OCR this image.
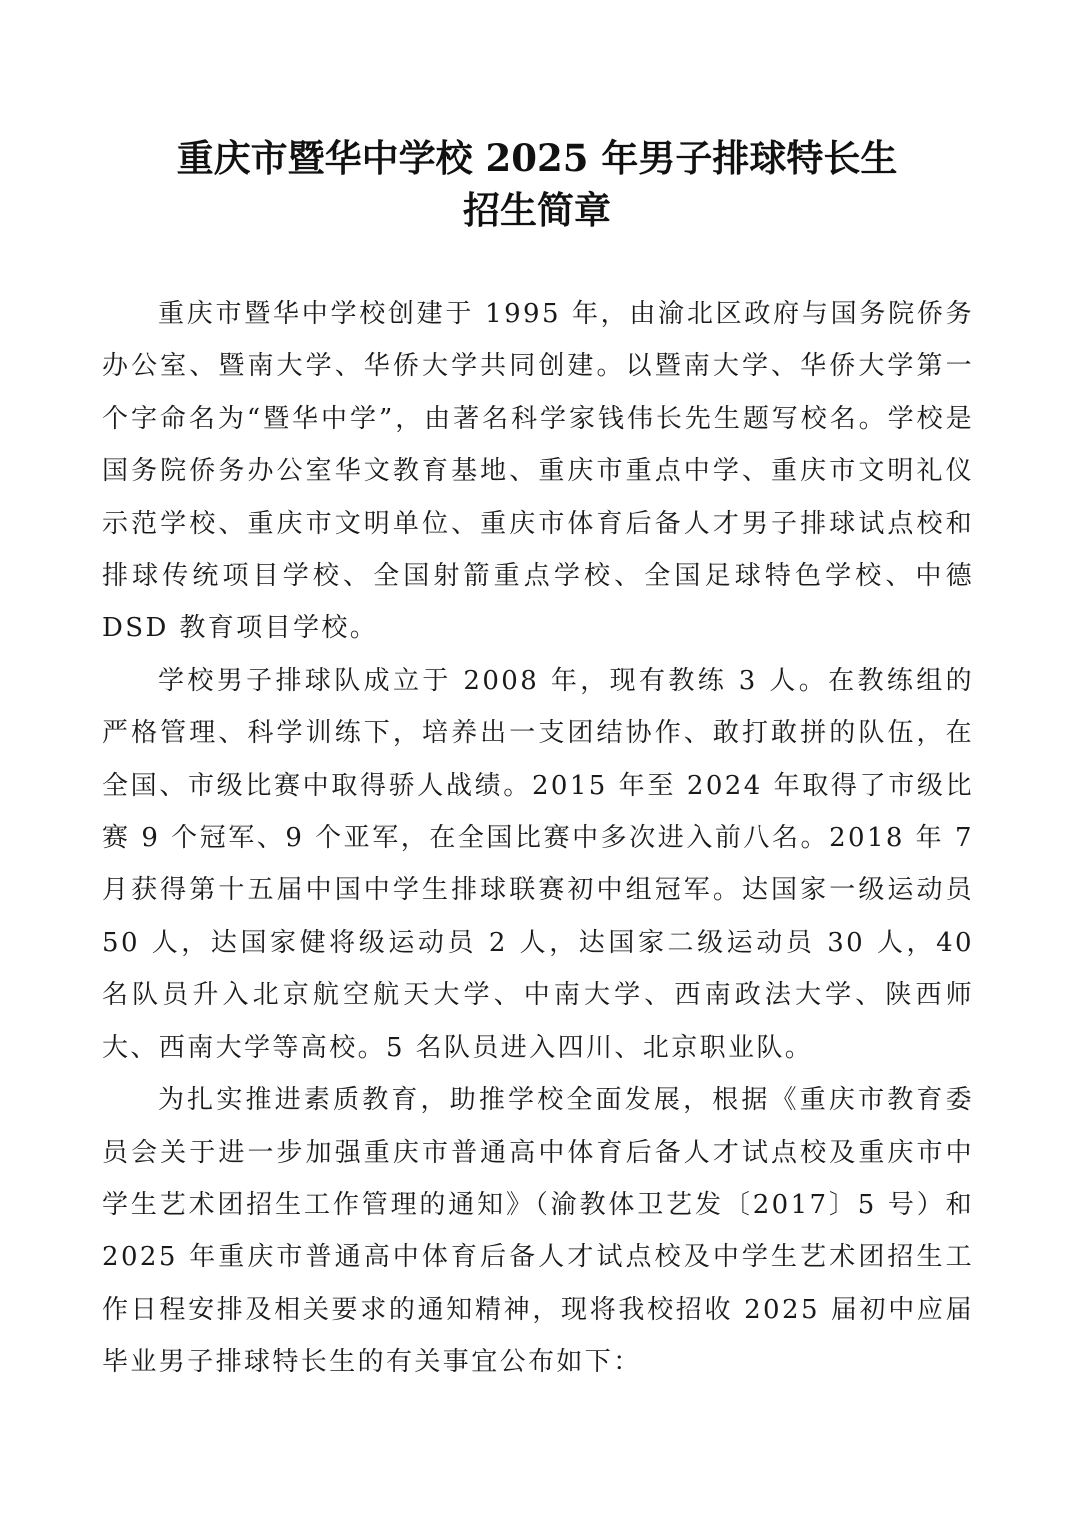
重庆市暨华中学校 2025 年男子排球特长生
招生简章

重庆市暨华中学校创建于 1995 年，由渝北区政府与国务院侨务办公室、暨南大学、华侨大学共同创建。以暨南大学、华侨大学第一个字命名为“暨华中学”，由著名科学家钱伟长先生题写校名。学校是国务院侨务办公室华文教育基地、重庆市重点中学、重庆市文明礼仪示范学校、重庆市文明单位、重庆市体育后备人才男子排球试点校和排球传统项目学校、全国射箭重点学校、全国足球特色学校、中德 DSD 教育项目学校。

学校男子排球队成立于 2008 年，现有教练 3 人。在教练组的严格管理、科学训练下，培养出一支团结协作、敢打敢拼的队伍，在全国、市级比赛中取得骄人战绩。2015 年至 2024 年取得了市级比赛 9 个冠军、9 个亚军，在全国比赛中多次进入前八名。2018 年 7 月获得第十五届中国中学生排球联赛初中组冠军。达国家一级运动员 50 人，达国家健将级运动员 2 人，达国家二级运动员 30 人，40 名队员升入北京航空航天大学、中南大学、西南政法大学、陕西师大、西南大学等高校。5 名队员进入四川、北京职业队。

为扎实推进素质教育，助推学校全面发展，根据《重庆市教育委员会关于进一步加强重庆市普通高中体育后备人才试点校及重庆市中学生艺术团招生工作管理的通知》（渝教体卫艺发〔2017〕5 号）和 2025 年重庆市普通高中体育后备人才试点校及中学生艺术团招生工作日程安排及相关要求的通知精神，现将我校招收 2025 届初中应届毕业男子排球特长生的有关事宜公布如下：
